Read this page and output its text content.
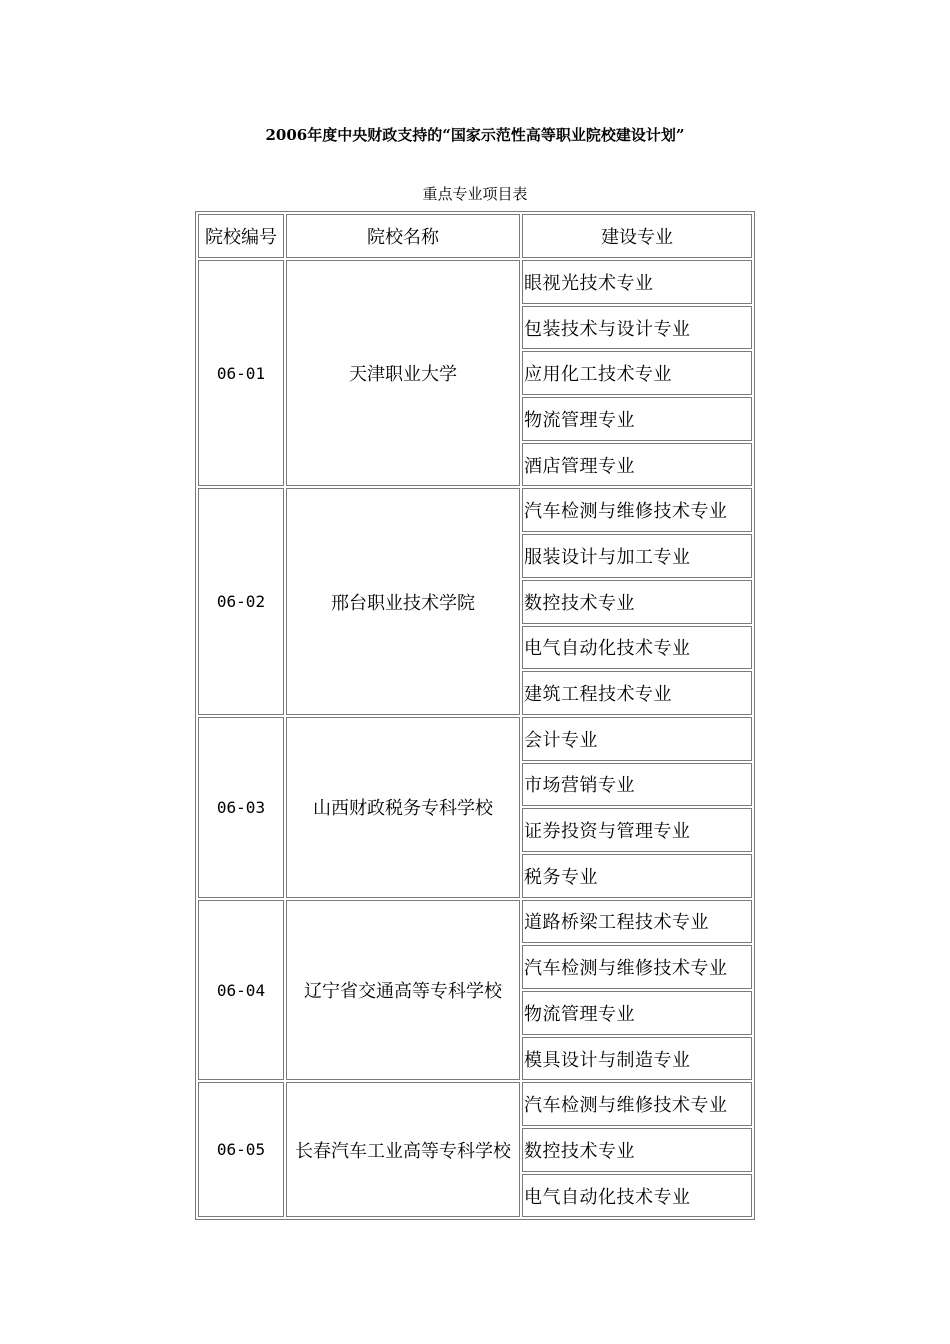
2006年度中央财政支持的“国家示范性高等职业院校建设计划”
重点专业项目表
院校编号	院校名称	建设专业
06-01	天津职业大学	眼视光技术专业
		包装技术与设计专业
		应用化工技术专业
		物流管理专业
		酒店管理专业
06-02	邢台职业技术学院	汽车检测与维修技术专业
		服装设计与加工专业
		数控技术专业
		电气自动化技术专业
		建筑工程技术专业
06-03	山西财政税务专科学校	会计专业
		市场营销专业
		证券投资与管理专业
		税务专业
06-04	辽宁省交通高等专科学校	道路桥梁工程技术专业
		汽车检测与维修技术专业
		物流管理专业
		模具设计与制造专业
06-05	长春汽车工业高等专科学校	汽车检测与维修技术专业
		数控技术专业
		电气自动化技术专业
